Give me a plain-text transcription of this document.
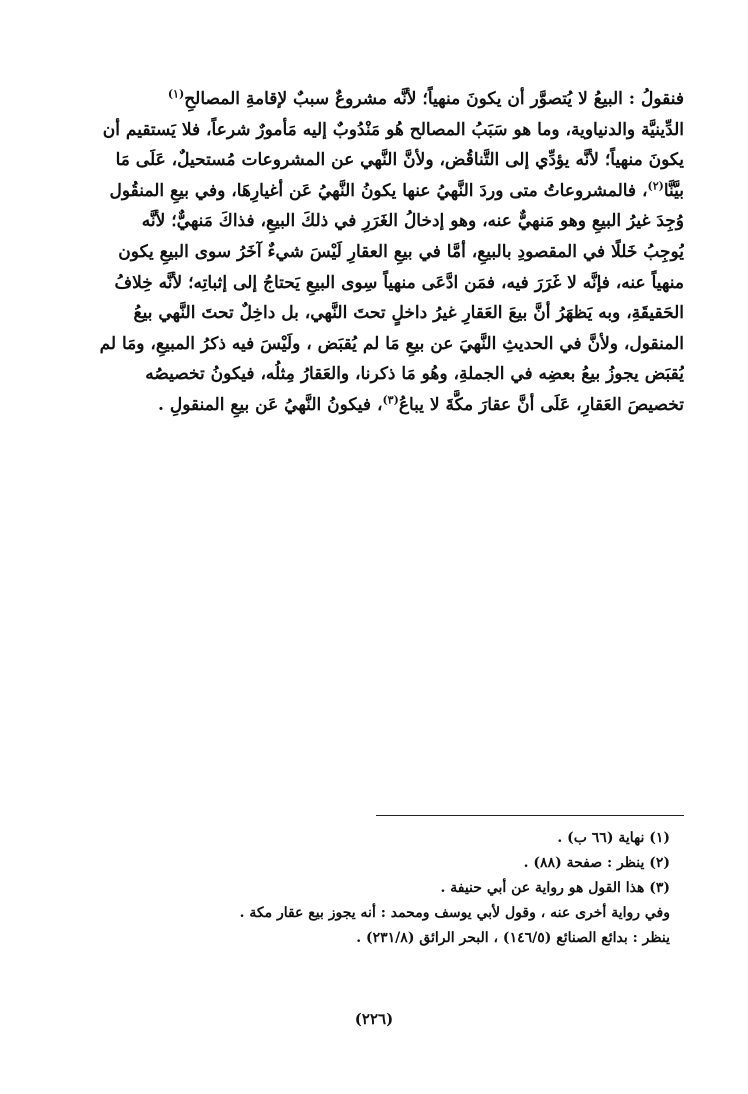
فنقولُ : البيعُ لا يُتصوَّر أن يكونَ منهياً؛ لأنَّه مشروعٌ سببٌ لإقامةِ المصالحِ$^{(١)}$
الدِّينيَّة والدنياوية، وما هو سَبَبُ المصالح هُو مَنْدُوبٌ إليه مَأمورٌ شرعاً، فلا يَستقيم أن
يكونَ منهياً؛ لأنَّه يؤدِّي إلى التَّناقُض، ولأنَّ النَّهي عن المشروعات مُستحيلٌ، عَلَى مَا
بيَّنَّا$^{(٢)}$، فالمشروعاتُ متى وردَ النَّهيُ عنها يكونُ النَّهيُ عَن أغيارِهَا، وفي بيعِ المنقُول
وُجِدَ غيرُ البيعِ وهو مَنهيٌّ عنه، وهو إدخالُ الغَرَرِ في ذلكَ البيعِ، فذاكَ مَنهيٌّ؛ لأنَّه
يُوجِبُ خَللًا في المقصودِ بالبيعِ، أمَّا في بيعِ العقارِ لَيْسَ شيءٌ آخَرُ سوى البيعِ يكون
منهياً عنه، فإنَّه لا غَرَرَ فيه، فمَن ادَّعَى منهياً سِوى البيعِ يَحتاجُ إلى إثباتِه؛ لأنَّه خِلافُ
الحَقيقَةِ، وبه يَظهَرُ أنَّ بيعَ العَقارِ غيرُ داخلٍ تحتَ النَّهي، بل داخِلٌ تحتَ النَّهي بيعُ
المنقول، ولأنَّ في الحديثِ النَّهيَ عن بيعِ مَا لم يُقبَض ، ولَيْسَ فيه ذكرُ المبيعِ، ومَا لم
يُقبَض يجوزُ بيعُ بعضِه في الجملةِ، وهُو مَا ذكرنا، والعَقارُ مِثلُه، فيكونُ تخصيصُه
تخصيصَ العَقارِ، عَلَى أنَّ عقارَ مكَّةَ لا يباعُ$^{(٣)}$، فيكونُ النَّهيُ عَن بيعِ المنقولِ .
(١) نهاية (٦٦ ب) .
(٢) ينظر : صفحة (٨٨) .
(٣) هذا القول هو رواية عن أبي حنيفة .
وفي رواية أخرى عنه ، وقول لأبي يوسف ومحمد : أنه يجوز بيع عقار مكة .
ينظر : بدائع الصنائع (١٤٦/٥) ، البحر الرائق (٢٣١/٨) .
(٢٢٦)
